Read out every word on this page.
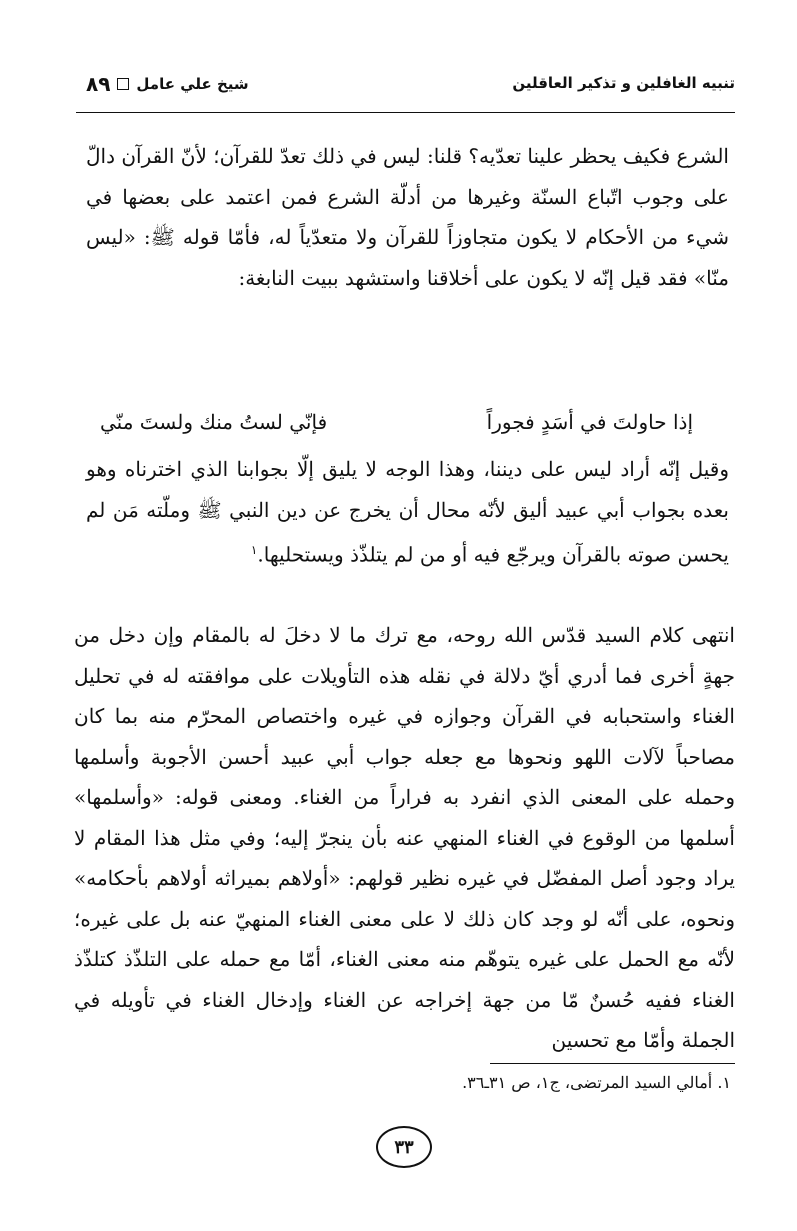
٨٩ شيخ علي عامل	تنبيه الغافلين و تذكير العاقلين

الشرع فكيف يحظر علينا تعدّيه؟ قلنا: ليس في ذلك تعدّ للقرآن؛ لأنّ القرآن دالّ على وجوب اتّباع السنّة وغيرها من أدلّة الشرع فمن اعتمد على بعضها في شيء من الأحكام لا يكون متجاوزاً للقرآن ولا متعدّياً له، فأمّا قوله ﷺ: «ليس منّا» فقد قيل إنّه لا يكون على أخلاقنا واستشهد ببيت النابغة:

إذا حاولتَ في أسَدٍ فجوراً
فإنّي لستُ منك ولستَ منّي

وقيل إنّه أراد ليس على ديننا، وهذا الوجه لا يليق إلّا بجوابنا الذي اخترناه وهو بعده بجواب أبي عبيد أليق لأنّه محال أن يخرج عن دين النبي ﷺ وملّته مَن لم يحسن صوته بالقرآن ويرجّع فيه أو من لم يتلذّذ ويستحليها.$^١$

انتهى كلام السيد قدّس الله روحه، مع ترك ما لا دخلَ له بالمقام وإن دخل من جهةٍ أخرى فما أدري أيّ دلالة في نقله هذه التأويلات على موافقته له في تحليل الغناء واستحبابه في القرآن وجوازه في غيره واختصاص المحرّم منه بما كان مصاحباً لآلات اللهو ونحوها مع جعله جواب أبي عبيد أحسن الأجوبة وأسلمها وحمله على المعنى الذي انفرد به فراراً من الغناء. ومعنى قوله: «وأسلمها» أسلمها من الوقوع في الغناء المنهي عنه بأن ينجرّ إليه؛ وفي مثل هذا المقام لا يراد وجود أصل المفضّل في غيره نظير قولهم: «أولاهم بميراثه أولاهم بأحكامه» ونحوه، على أنّه لو وجد كان ذلك لا على معنى الغناء المنهيّ عنه بل على غيره؛ لأنّه مع الحمل على غيره يتوهّم منه معنى الغناء، أمّا مع حمله على التلذّذ كتلذّذ الغناء ففيه حُسنٌ مّا من جهة إخراجه عن الغناء وإدخال الغناء في تأويله في الجملة وأمّا مع تحسين

١. أمالي السيد المرتضى، ج١، ص ٣١ـ٣٦.
٣٣
